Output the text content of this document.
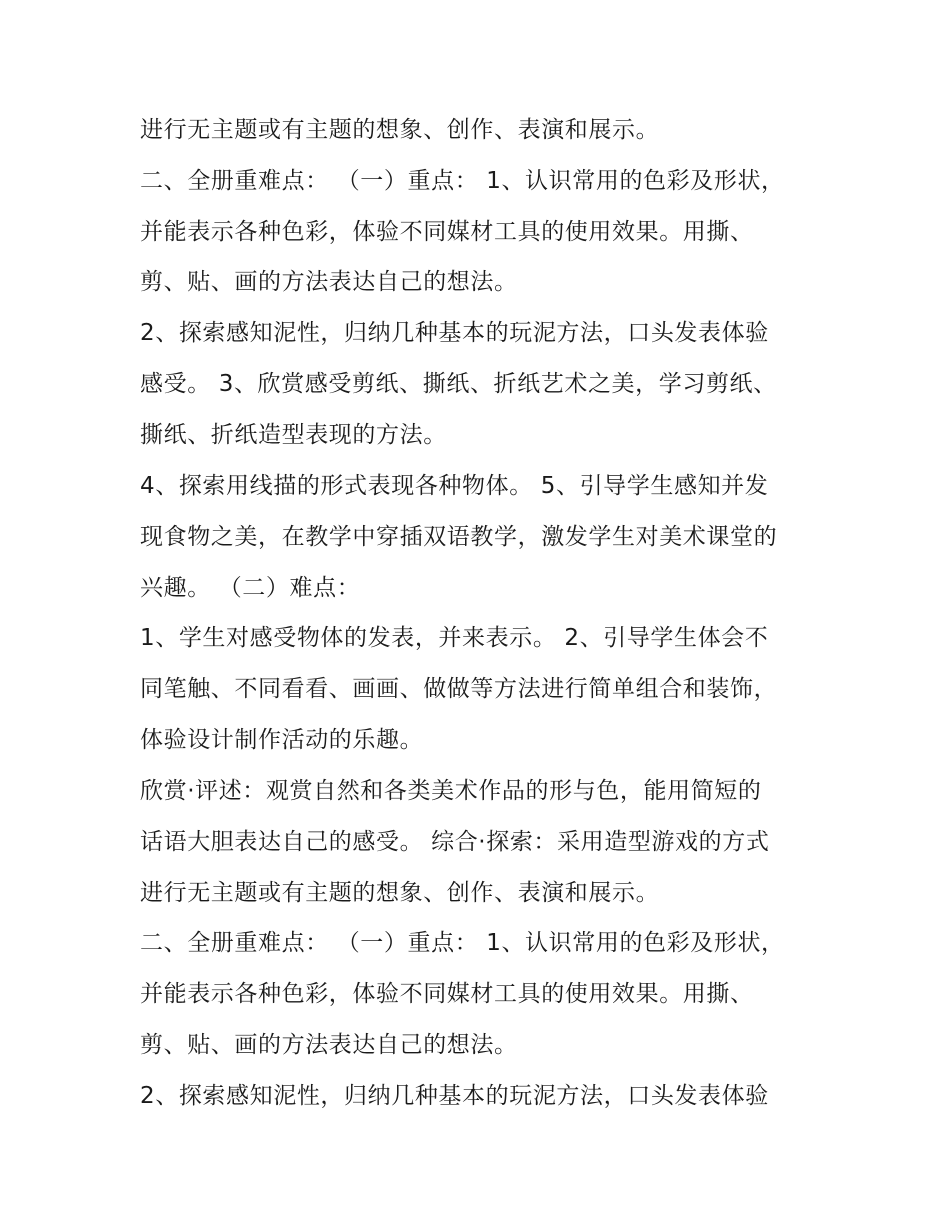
进行无主题或有主题的想象、创作、表演和展示。
二、全册重难点： （一）重点： 1、认识常用的色彩及形状，
并能表示各种色彩，体验不同媒材工具的使用效果。用撕、
剪、贴、画的方法表达自己的想法。
2、探索感知泥性，归纳几种基本的玩泥方法，口头发表体验
感受。 3、欣赏感受剪纸、撕纸、折纸艺术之美，学习剪纸、
撕纸、折纸造型表现的方法。
4、探索用线描的形式表现各种物体。 5、引导学生感知并发
现食物之美，在教学中穿插双语教学，激发学生对美术课堂的
兴趣。 （二）难点：
1、学生对感受物体的发表，并来表示。 2、引导学生体会不
同笔触、不同看看、画画、做做等方法进行简单组合和装饰，
体验设计制作活动的乐趣。
欣赏·评述：观赏自然和各类美术作品的形与色，能用简短的
话语大胆表达自己的感受。 综合·探索：采用造型游戏的方式
进行无主题或有主题的想象、创作、表演和展示。
二、全册重难点： （一）重点： 1、认识常用的色彩及形状，
并能表示各种色彩，体验不同媒材工具的使用效果。用撕、
剪、贴、画的方法表达自己的想法。
2、探索感知泥性，归纳几种基本的玩泥方法，口头发表体验
